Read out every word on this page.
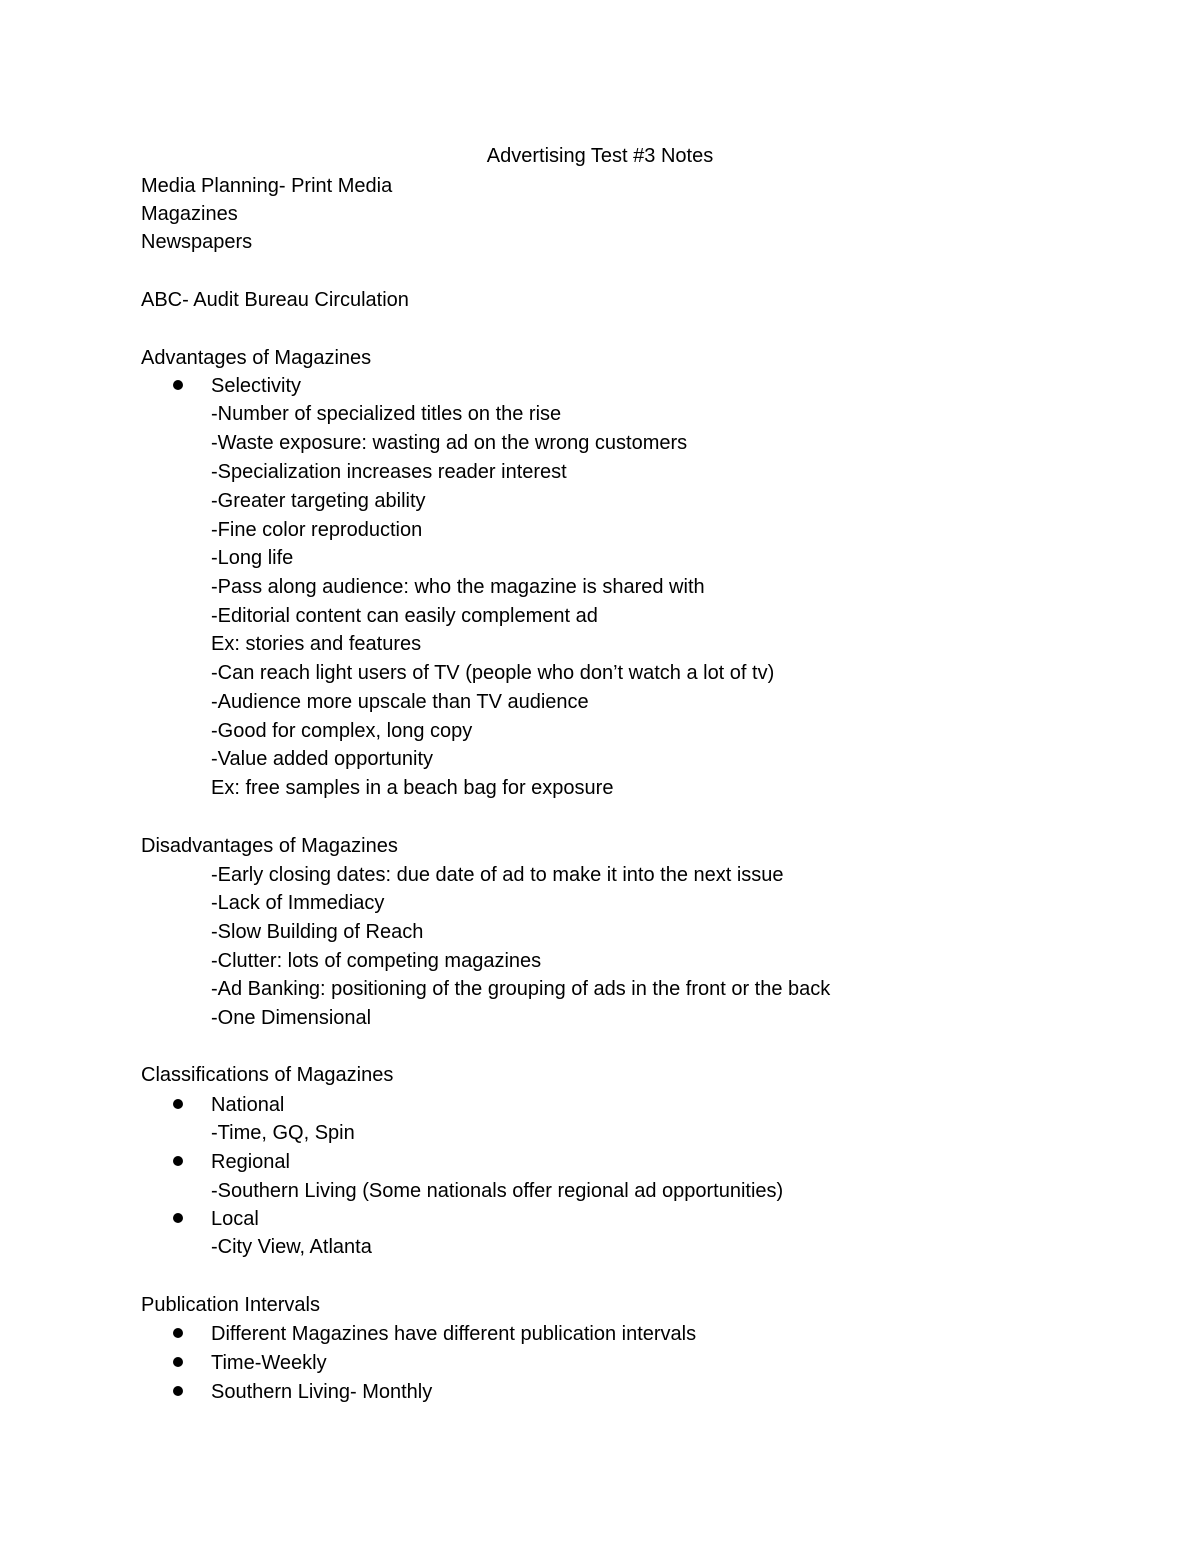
Advertising Test #3 Notes
Media Planning- Print Media
Magazines
Newspapers
ABC- Audit Bureau Circulation
Advantages of Magazines
Selectivity
-Number of specialized titles on the rise
-Waste exposure: wasting ad on the wrong customers
-Specialization increases reader interest
-Greater targeting ability
-Fine color reproduction
-Long life
-Pass along audience: who the magazine is shared with
-Editorial content can easily complement ad
Ex: stories and features
-Can reach light users of TV (people who don’t watch a lot of tv)
-Audience more upscale than TV audience
-Good for complex, long copy
-Value added opportunity
Ex: free samples in a beach bag for exposure
Disadvantages of Magazines
-Early closing dates: due date of ad to make it into the next issue
-Lack of Immediacy
-Slow Building of Reach
-Clutter: lots of competing magazines
-Ad Banking: positioning of the grouping of ads in the front or the back
-One Dimensional
Classifications of Magazines
National
-Time, GQ, Spin
Regional
-Southern Living (Some nationals offer regional ad opportunities)
Local
-City View, Atlanta
Publication Intervals
Different Magazines have different publication intervals
Time-Weekly
Southern Living- Monthly
